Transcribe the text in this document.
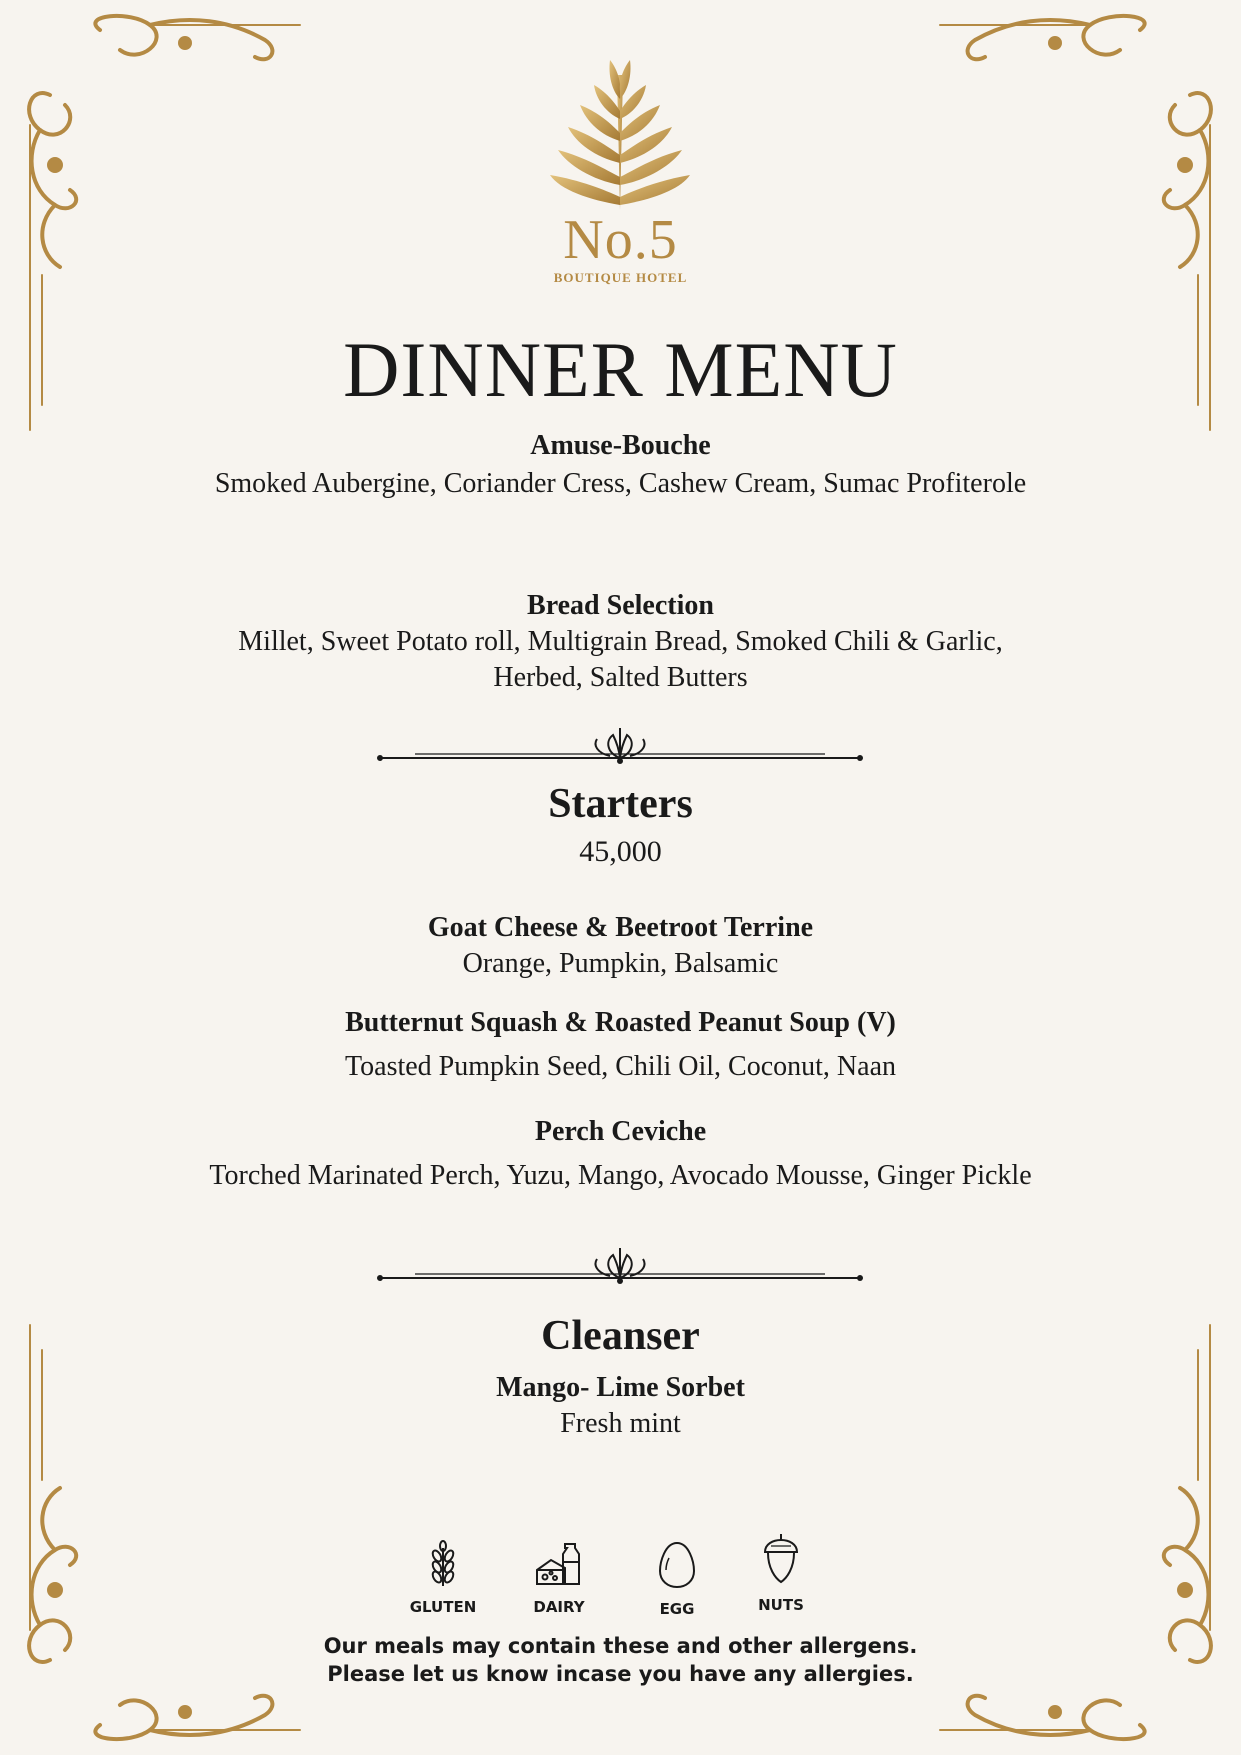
No.5
BOUTIQUE HOTEL
DINNER MENU
Amuse-Bouche
Smoked Aubergine, Coriander Cress, Cashew Cream, Sumac Profiterole
Bread Selection
Millet, Sweet Potato roll, Multigrain Bread, Smoked Chili & Garlic,
Herbed, Salted Butters
Starters
45,000
Goat Cheese & Beetroot Terrine
Orange, Pumpkin, Balsamic
Butternut Squash & Roasted Peanut Soup (V)
Toasted Pumpkin Seed, Chili Oil, Coconut, Naan
Perch Ceviche
Torched Marinated Perch, Yuzu, Mango, Avocado Mousse, Ginger Pickle
Cleanser
Mango- Lime Sorbet
Fresh mint
GLUTEN	DAIRY	EGG	NUTS
Our meals may contain these and other allergens.
Please let us know incase you have any allergies.
